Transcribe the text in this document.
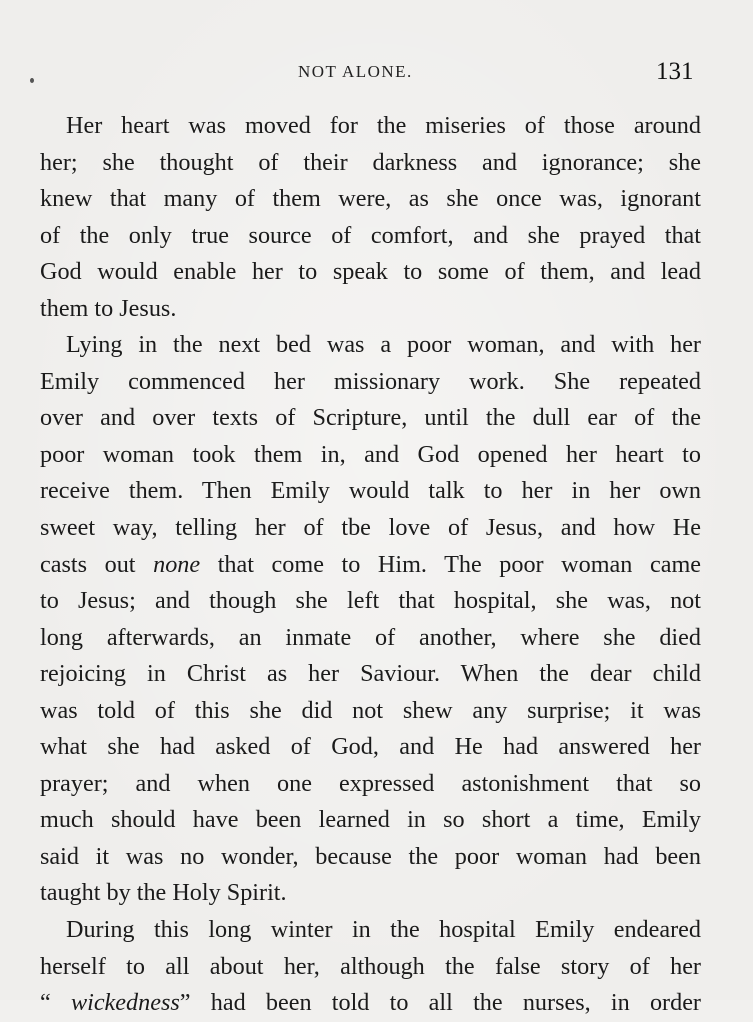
NOT ALONE.	131
Her heart was moved for the miseries of those around
her; she thought of their darkness and ignorance; she
knew that many of them were, as she once was, ignorant
of the only true source of comfort, and she prayed that
God would enable her to speak to some of them, and lead
them to Jesus.
Lying in the next bed was a poor woman, and with her
Emily commenced her missionary work. She repeated
over and over texts of Scripture, until the dull ear of the
poor woman took them in, and God opened her heart to
receive them. Then Emily would talk to her in her own
sweet way, telling her of tbe love of Jesus, and how He
casts out none that come to Him. The poor woman came
to Jesus; and though she left that hospital, she was, not
long afterwards, an inmate of another, where she died
rejoicing in Christ as her Saviour. When the dear child
was told of this she did not shew any surprise; it was
what she had asked of God, and He had answered her
prayer; and when one expressed astonishment that so
much should have been learned in so short a time, Emily
said it was no wonder, because the poor woman had been
taught by the Holy Spirit.
During this long winter in the hospital Emily endeared
herself to all about her, although the false story of her
“ wickedness” had been told to all the nurses, in order
